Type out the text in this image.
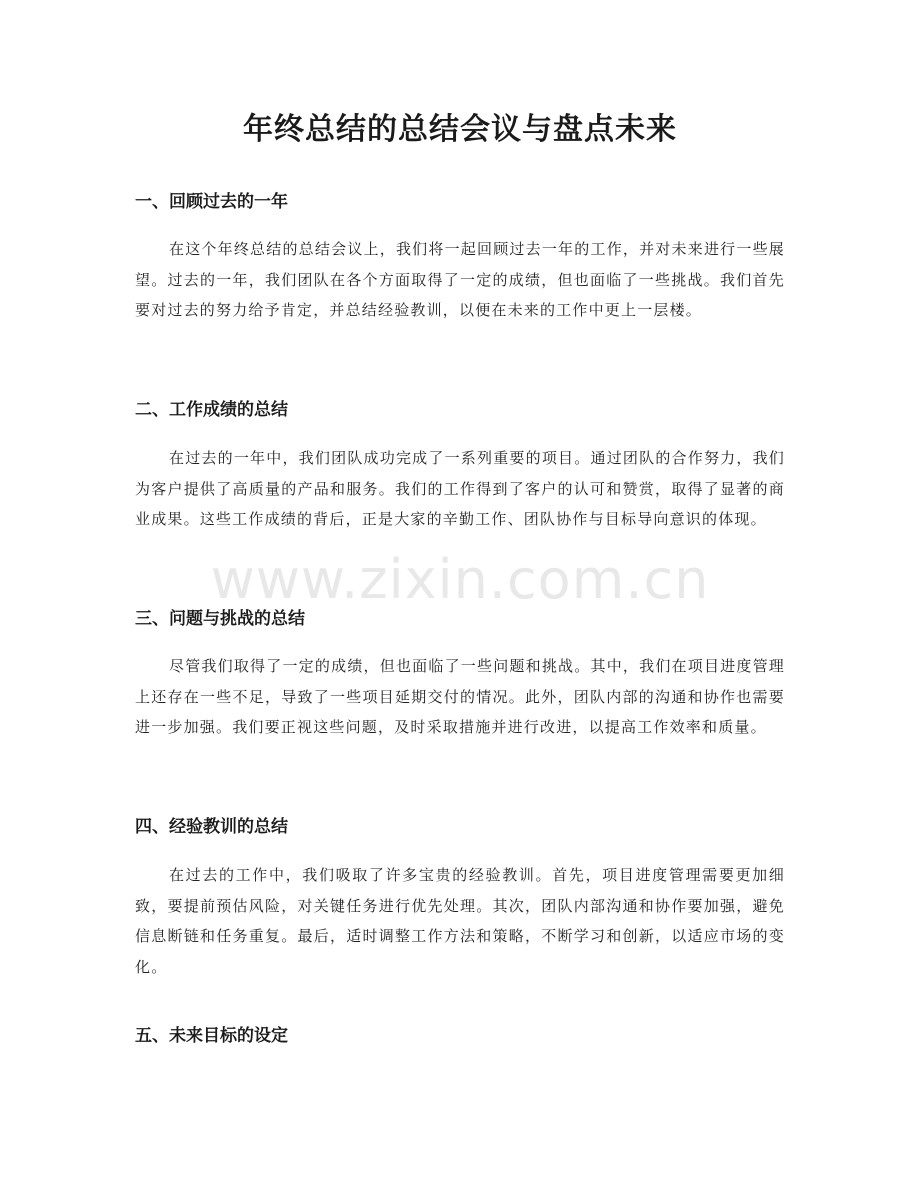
年终总结的总结会议与盘点未来
一、回顾过去的一年

在这个年终总结的总结会议上，我们将一起回顾过去一年的工作，并对未来进行一些展望。过去的一年，我们团队在各个方面取得了一定的成绩，但也面临了一些挑战。我们首先要对过去的努力给予肯定，并总结经验教训，以便在未来的工作中更上一层楼。

二、工作成绩的总结

在过去的一年中，我们团队成功完成了一系列重要的项目。通过团队的合作努力，我们为客户提供了高质量的产品和服务。我们的工作得到了客户的认可和赞赏，取得了显著的商业成果。这些工作成绩的背后，正是大家的辛勤工作、团队协作与目标导向意识的体现。

三、问题与挑战的总结

尽管我们取得了一定的成绩，但也面临了一些问题和挑战。其中，我们在项目进度管理上还存在一些不足，导致了一些项目延期交付的情况。此外，团队内部的沟通和协作也需要进一步加强。我们要正视这些问题，及时采取措施并进行改进，以提高工作效率和质量。

四、经验教训的总结

在过去的工作中，我们吸取了许多宝贵的经验教训。首先，项目进度管理需要更加细致，要提前预估风险，对关键任务进行优先处理。其次，团队内部沟通和协作要加强，避免信息断链和任务重复。最后，适时调整工作方法和策略，不断学习和创新，以适应市场的变化。

五、未来目标的设定
www.zixin.com.cn
